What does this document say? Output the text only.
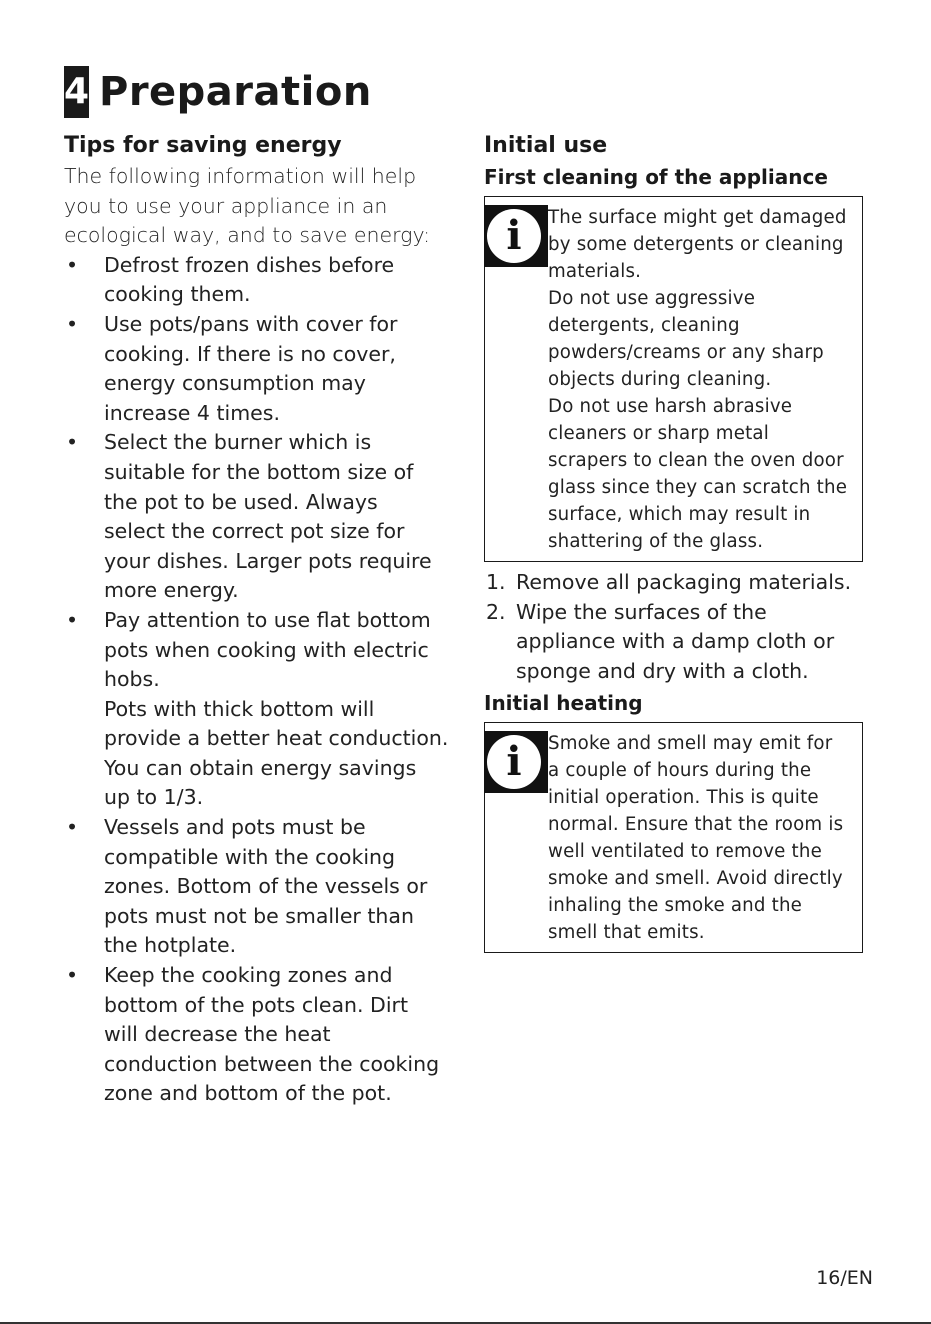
4 Preparation
Tips for saving energy
The following information will help
you to use your appliance in an
ecological way, and to save energy:
• Defrost frozen dishes before
cooking them.
• Use pots/pans with cover for
cooking. If there is no cover,
energy consumption may
increase 4 times.
• Select the burner which is
suitable for the bottom size of
the pot to be used. Always
select the correct pot size for
your dishes. Larger pots require
more energy.
• Pay attention to use flat bottom
pots when cooking with electric
hobs.
Pots with thick bottom will
provide a better heat conduction.
You can obtain energy savings
up to 1/3.
• Vessels and pots must be
compatible with the cooking
zones. Bottom of the vessels or
pots must not be smaller than
the hotplate.
• Keep the cooking zones and
bottom of the pots clean. Dirt
will decrease the heat
conduction between the cooking
zone and bottom of the pot.
Initial use
First cleaning of the appliance
i	The surface might get damaged
by some detergents or cleaning
materials.
Do not use aggressive
detergents, cleaning
powders/creams or any sharp
objects during cleaning.
Do not use harsh abrasive
cleaners or sharp metal
scrapers to clean the oven door
glass since they can scratch the
surface, which may result in
shattering of the glass.
1. Remove all packaging materials.
2. Wipe the surfaces of the
appliance with a damp cloth or
sponge and dry with a cloth.
Initial heating
i	Smoke and smell may emit for
a couple of hours during the
initial operation. This is quite
normal. Ensure that the room is
well ventilated to remove the
smoke and smell. Avoid directly
inhaling the smoke and the
smell that emits.
16/EN
